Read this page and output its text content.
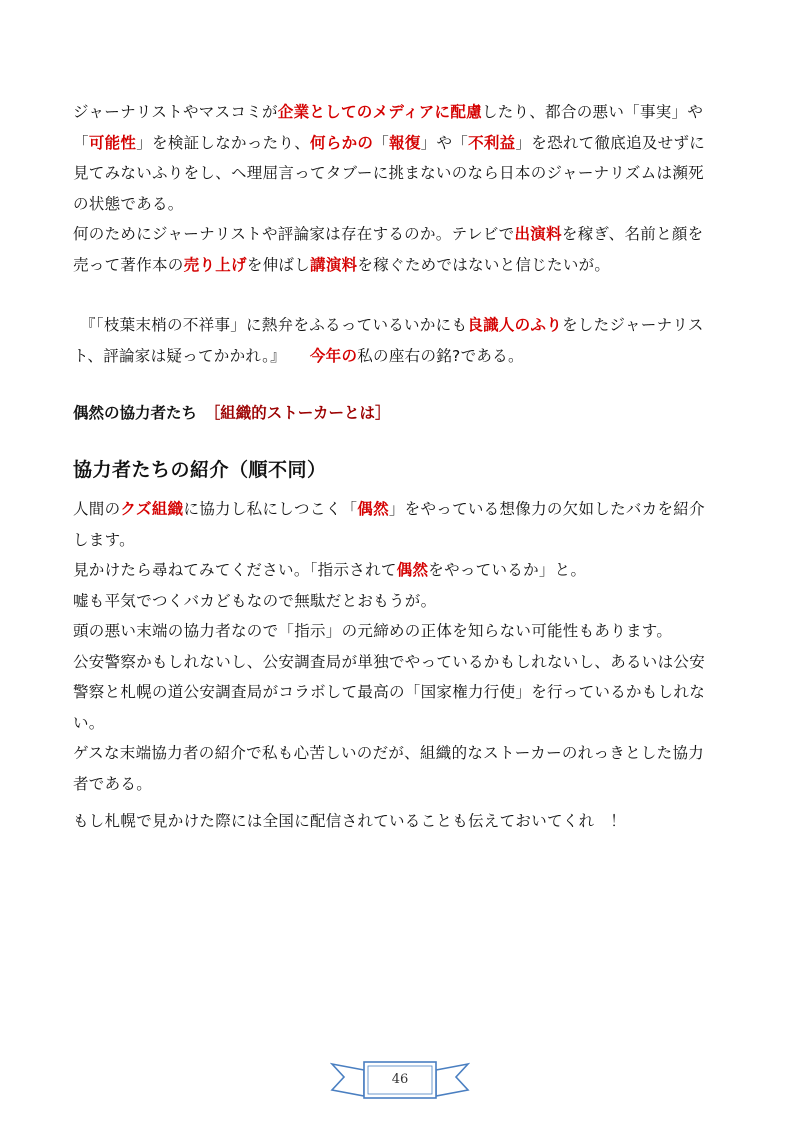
ジャーナリストやマスコミが企業としてのメディアに配慮したり、都合の悪い「事実」や
「可能性」を検証しなかったり、何らかの「報復」や「不利益」を恐れて徹底追及せずに
見てみないふりをし、ヘ理屈言ってタブーに挑まないのなら日本のジャーナリズムは瀕死
の状態である。
何のためにジャーナリストや評論家は存在するのか。テレビで出演料を稼ぎ、名前と顔を
売って著作本の売り上げを伸ばし講演料を稼ぐためではないと信じたいが。
『「枝葉末梢の不祥事」に熱弁をふるっているいかにも良識人のふりをしたジャーナリス
ト、評論家は疑ってかかれ。』　　今年の私の座右の銘?である。
偶然の協力者たち　［組織的ストーカーとは］
協力者たちの紹介（順不同）
人間のクズ組織に協力し私にしつこく「偶然」をやっている想像力の欠如したバカを紹介
します。
見かけたら尋ねてみてください。「指示されて偶然をやっているか」と。
嘘も平気でつくバカどもなので無駄だとおもうが。
頭の悪い末端の協力者なので「指示」の元締めの正体を知らない可能性もあります。
公安警察かもしれないし、公安調査局が単独でやっているかもしれないし、あるいは公安
警察と札幌の道公安調査局がコラボして最高の「国家権力行使」を行っているかもしれな
い。
ゲスな末端協力者の紹介で私も心苦しいのだが、組織的なストーカーのれっきとした協力
者である。
もし札幌で見かけた際には全国に配信されていることも伝えておいてくれ　！
46
